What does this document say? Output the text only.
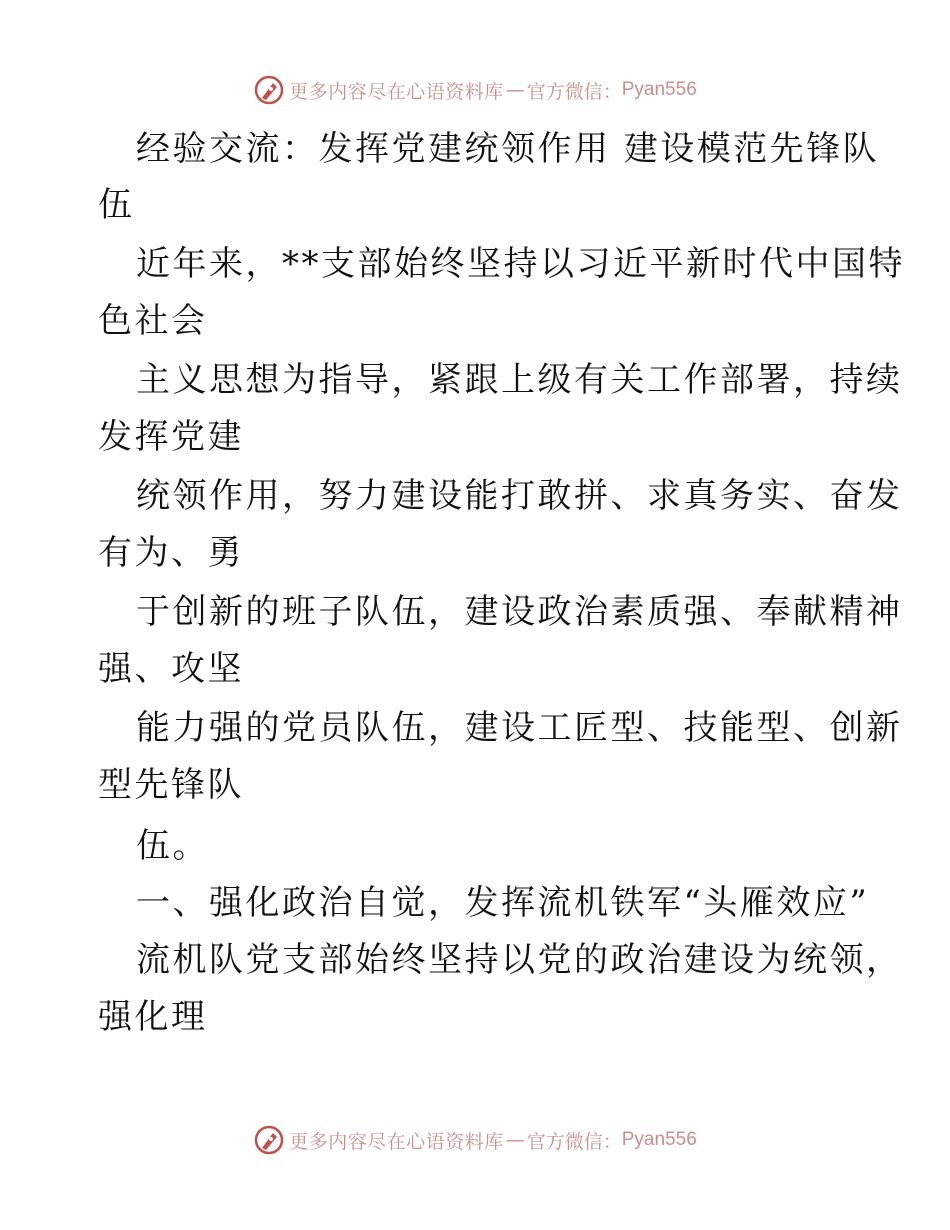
更多内容尽在心语资料库 — 官方微信： Pyan556
经验交流：发挥党建统领作用 建设模范先锋队
伍
近年来，**支部始终坚持以习近平新时代中国特
色社会
主义思想为指导，紧跟上级有关工作部署，持续
发挥党建
统领作用，努力建设能打敢拼、求真务实、奋发
有为、勇
于创新的班子队伍，建设政治素质强、奉献精神
强、攻坚
能力强的党员队伍，建设工匠型、技能型、创新
型先锋队
伍。
一、强化政治自觉，发挥流机铁军“头雁效应”
流机队党支部始终坚持以党的政治建设为统领，
强化理
更多内容尽在心语资料库 — 官方微信： Pyan556
